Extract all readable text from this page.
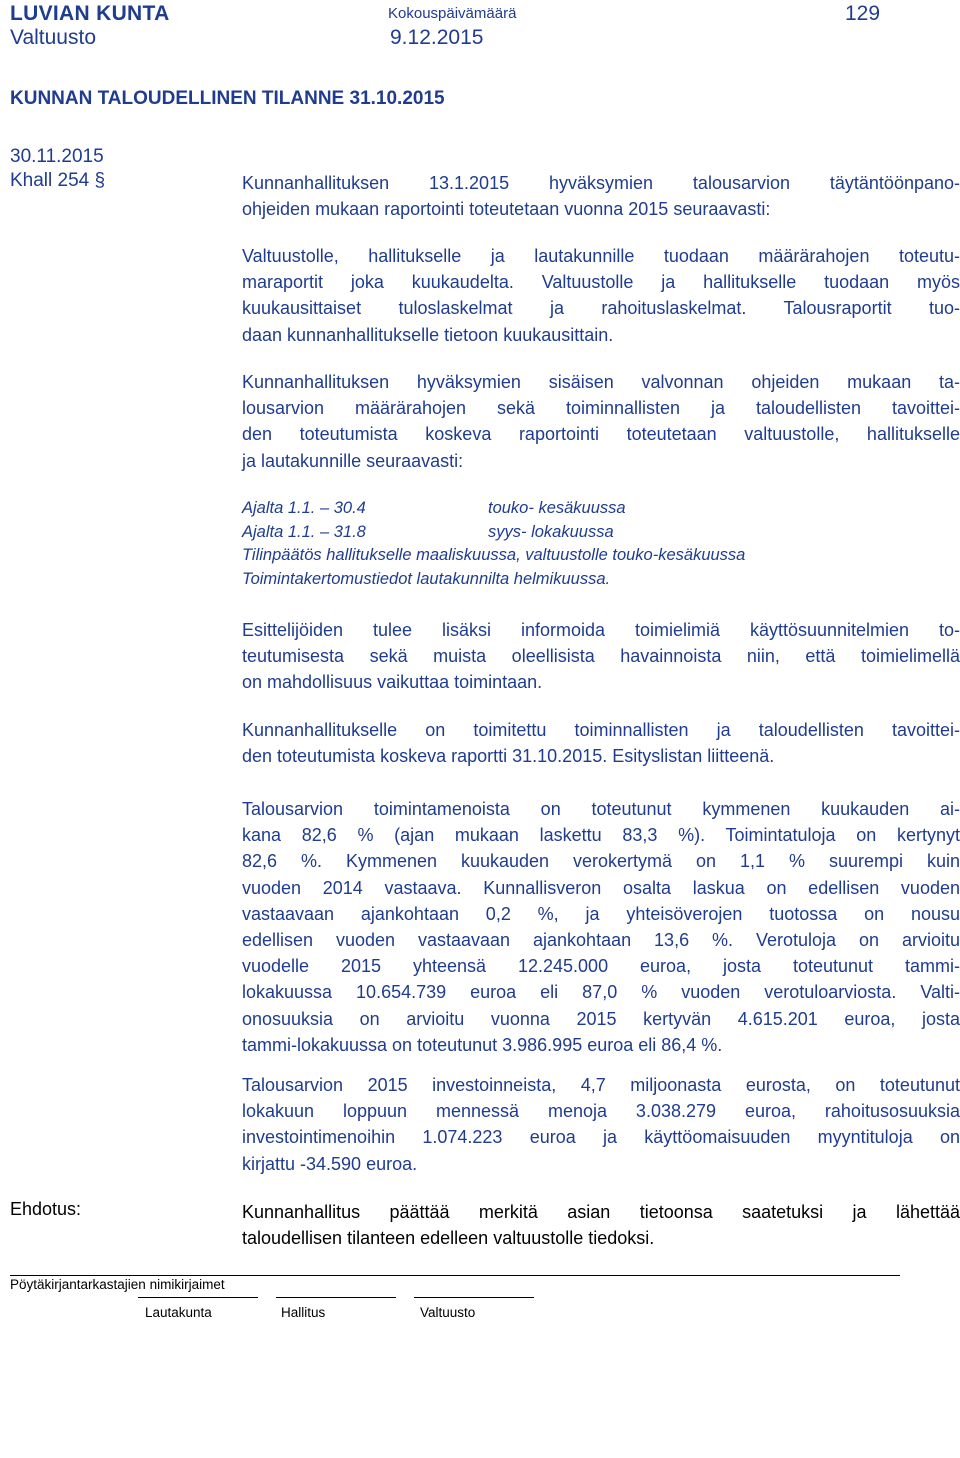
LUVIAN KUNTA
Valtuusto
Kokouspäivämäärä
9.12.2015
129
KUNNAN TALOUDELLINEN TILANNE 31.10.2015
30.11.2015
Khall 254 §	Kunnanhallituksen 13.1.2015 hyväksymien talousarvion täytäntöönpano-
ohjeiden mukaan raportointi toteutetaan vuonna 2015 seuraavasti:
Valtuustolle, hallitukselle ja lautakunnille tuodaan määrärahojen toteutu-
maraportit joka kuukaudelta. Valtuustolle ja hallitukselle tuodaan myös
kuukausittaiset tuloslaskelmat ja rahoituslaskelmat. Talousraportit tuo-
daan kunnanhallitukselle tietoon kuukausittain.
Kunnanhallituksen hyväksymien sisäisen valvonnan ohjeiden mukaan ta-
lousarvion määrärahojen sekä toiminnallisten ja taloudellisten tavoittei-
den toteutumista koskeva raportointi toteutetaan valtuustolle, hallitukselle
ja lautakunnille seuraavasti:
Ajalta 1.1. – 30.4	touko- kesäkuussa
Ajalta 1.1. – 31.8	syys- lokakuussa
Tilinpäätös hallitukselle maaliskuussa, valtuustolle touko-kesäkuussa
Toimintakertomustiedot lautakunnilta helmikuussa.
Esittelijöiden tulee lisäksi informoida toimielimiä käyttösuunnitelmien to-
teutumisesta sekä muista oleellisista havainnoista niin, että toimielimellä
on mahdollisuus vaikuttaa toimintaan.
Kunnanhallitukselle on toimitettu toiminnallisten ja taloudellisten tavoittei-
den toteutumista koskeva raportti 31.10.2015. Esityslistan liitteenä.
Talousarvion toimintamenoista on toteutunut kymmenen kuukauden ai-
kana 82,6 % (ajan mukaan laskettu 83,3 %). Toimintatuloja on kertynyt
82,6 %. Kymmenen kuukauden verokertymä on 1,1 % suurempi kuin
vuoden 2014 vastaava. Kunnallisveron osalta laskua on edellisen vuoden
vastaavaan ajankohtaan 0,2 %, ja yhteisöverojen tuotossa on nousu
edellisen vuoden vastaavaan ajankohtaan 13,6 %. Verotuloja on arvioitu
vuodelle 2015 yhteensä 12.245.000 euroa, josta toteutunut tammi-
lokakuussa 10.654.739 euroa eli 87,0 % vuoden verotuloarviosta. Valti-
onosuuksia on arvioitu vuonna 2015 kertyvän 4.615.201 euroa, josta
tammi-lokakuussa on toteutunut 3.986.995 euroa eli 86,4 %.
Talousarvion 2015 investoinneista, 4,7 miljoonasta eurosta, on toteutunut
lokakuun loppuun mennessä menoja 3.038.279 euroa, rahoitusosuuksia
investointimenoihin 1.074.223 euroa ja käyttöomaisuuden myyntituloja on
kirjattu -34.590 euroa.
Ehdotus:	Kunnanhallitus päättää merkitä asian tietoonsa saatetuksi ja lähettää
taloudellisen tilanteen edelleen valtuustolle tiedoksi.
Pöytäkirjantarkastajien nimikirjaimet
Lautakunta	Hallitus	Valtuusto
